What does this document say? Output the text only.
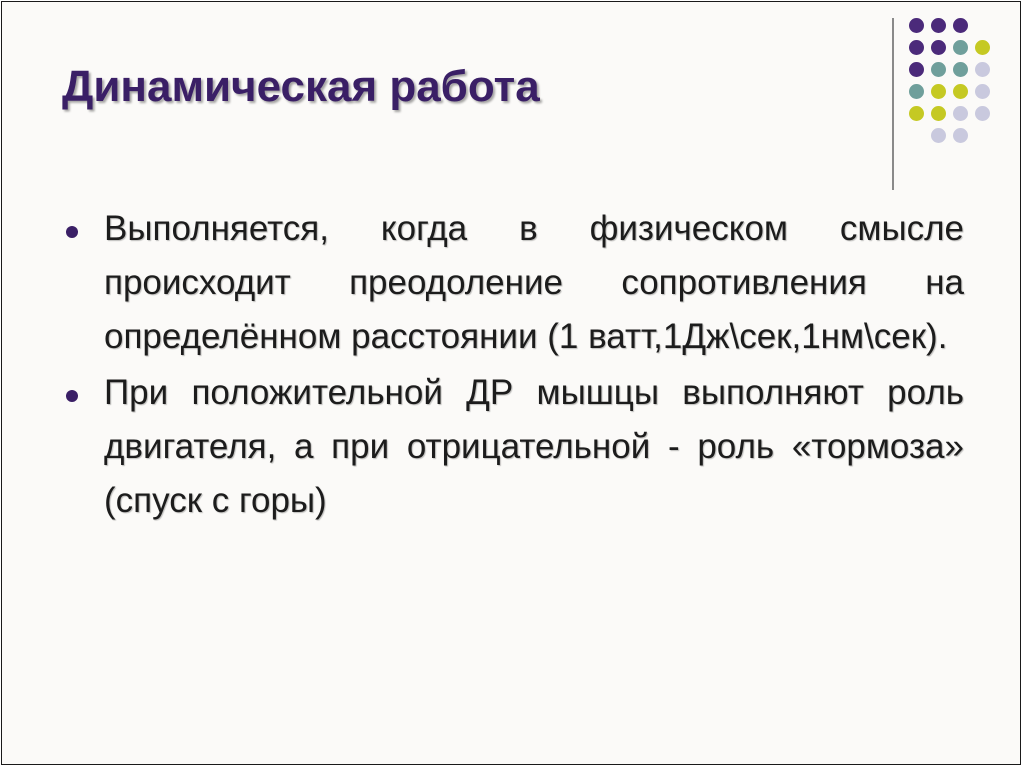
Динамическая работа
Выполняется, когда в физическом смысле происходит преодоление сопротивления на определённом расстоянии (1 ватт,1Дж\сек,1нм\сек).
При положительной ДР мышцы выполняют роль двигателя, а при отрицательной - роль «тормоза» (спуск с горы)
